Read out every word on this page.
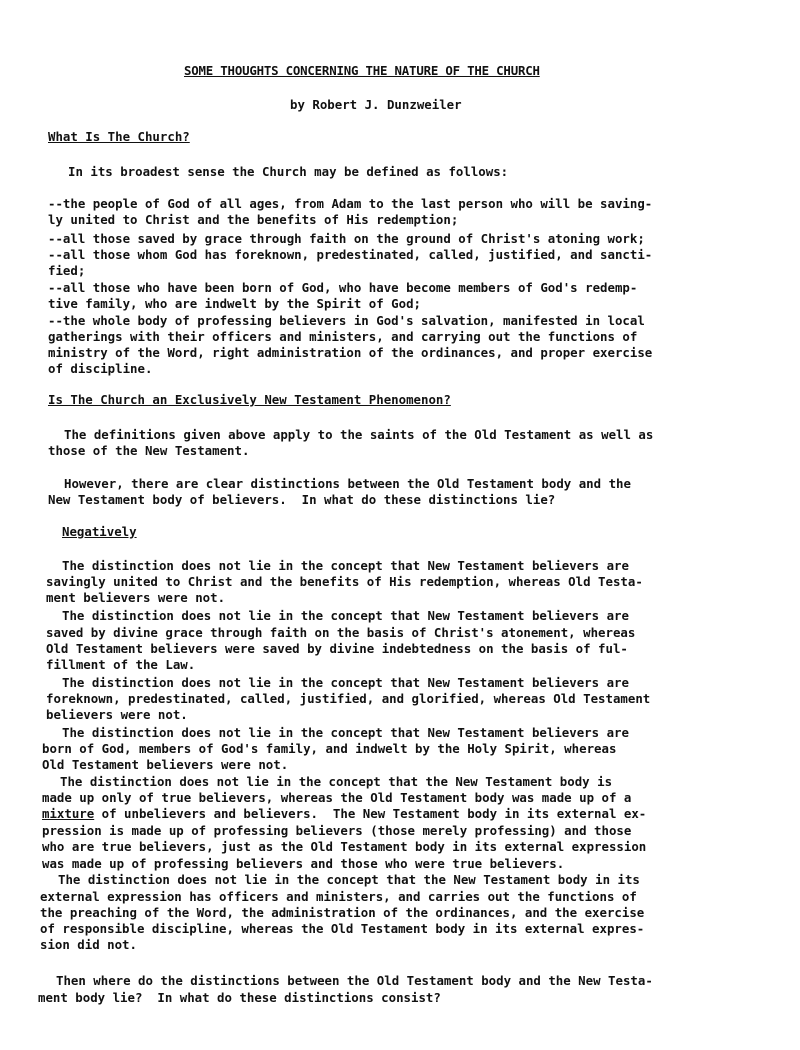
SOME THOUGHTS CONCERNING THE NATURE OF THE CHURCH
by Robert J. Dunzweiler
What Is The Church?
In its broadest sense the Church may be defined as follows:
--the people of God of all ages, from Adam to the last person who will be saving-
ly united to Christ and the benefits of His redemption;
--all those saved by grace through faith on the ground of Christ's atoning work;
--all those whom God has foreknown, predestinated, called, justified, and sancti-
fied;
--all those who have been born of God, who have become members of God's redemp-
tive family, who are indwelt by the Spirit of God;
--the whole body of professing believers in God's salvation, manifested in local
gatherings with their officers and ministers, and carrying out the functions of
ministry of the Word, right administration of the ordinances, and proper exercise
of discipline.
Is The Church an Exclusively New Testament Phenomenon?
The definitions given above apply to the saints of the Old Testament as well as
those of the New Testament.
However, there are clear distinctions between the Old Testament body and the
New Testament body of believers.  In what do these distinctions lie?
Negatively
The distinction does not lie in the concept that New Testament believers are
savingly united to Christ and the benefits of His redemption, whereas Old Testa-
ment believers were not.
The distinction does not lie in the concept that New Testament believers are
saved by divine grace through faith on the basis of Christ's atonement, whereas
Old Testament believers were saved by divine indebtedness on the basis of ful-
fillment of the Law.
The distinction does not lie in the concept that New Testament believers are
foreknown, predestinated, called, justified, and glorified, whereas Old Testament
believers were not.
The distinction does not lie in the concept that New Testament believers are
born of God, members of God's family, and indwelt by the Holy Spirit, whereas
Old Testament believers were not.
The distinction does not lie in the concept that the New Testament body is
made up only of true believers, whereas the Old Testament body was made up of a
mixture of unbelievers and believers.  The New Testament body in its external ex-
pression is made up of professing believers (those merely professing) and those
who are true believers, just as the Old Testament body in its external expression
was made up of professing believers and those who were true believers.
The distinction does not lie in the concept that the New Testament body in its
external expression has officers and ministers, and carries out the functions of
the preaching of the Word, the administration of the ordinances, and the exercise
of responsible discipline, whereas the Old Testament body in its external expres-
sion did not.
Then where do the distinctions between the Old Testament body and the New Testa-
ment body lie?  In what do these distinctions consist?
